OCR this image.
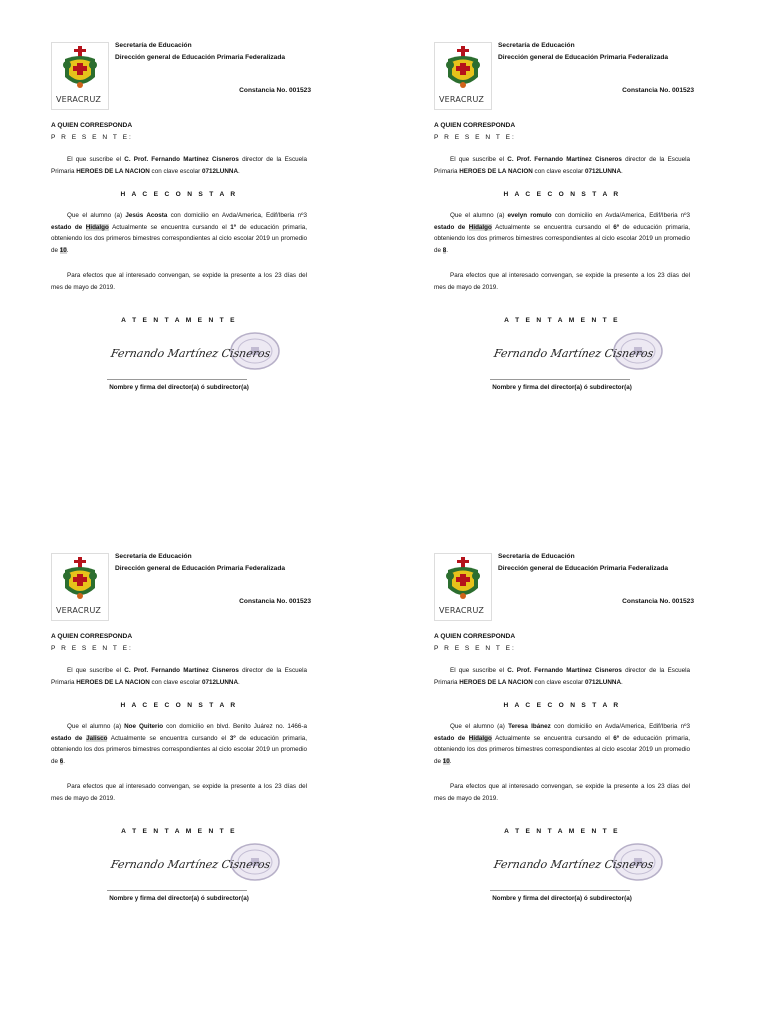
VERACRUZ
Secretaría de Educación
Dirección general de Educación Primaria Federalizada
Constancia No. 001523
A QUIEN CORRESPONDA
P R E S E N T E:
El que suscribe el C. Prof. Fernando Martínez Cisneros director de la Escuela Primaria HEROES DE LA NACION con clave escolar 0712LUNNA.
H A C E C O N S T A R
Que el alumno (a) Jesús Acosta con domicilio en Avda/America, Edif/Iberia nº3 estado de Hidalgo Actualmente se encuentra cursando el 1º de educación primaria, obteniendo los dos primeros bimestres correspondientes al ciclo escolar 2019 un promedio de 10.
Para efectos que al interesado convengan, se expide la presente a los 23 días del mes de mayo de 2019.
A T E N T A M E N T E
Fernando Martínez Cisneros
Nombre y firma del director(a) ó subdirector(a)
VERACRUZ
Secretaría de Educación
Dirección general de Educación Primaria Federalizada
Constancia No. 001523
A QUIEN CORRESPONDA
P R E S E N T E:
El que suscribe el C. Prof. Fernando Martínez Cisneros director de la Escuela Primaria HEROES DE LA NACION con clave escolar 0712LUNNA.
H A C E C O N S T A R
Que el alumno (a) evelyn romulo con domicilio en Avda/America, Edif/Iberia nº3 estado de Hidalgo Actualmente se encuentra cursando el 6º de educación primaria, obteniendo los dos primeros bimestres correspondientes al ciclo escolar 2019 un promedio de 8.
Para efectos que al interesado convengan, se expide la presente a los 23 días del mes de mayo de 2019.
A T E N T A M E N T E
Fernando Martínez Cisneros
Nombre y firma del director(a) ó subdirector(a)
VERACRUZ
Secretaría de Educación
Dirección general de Educación Primaria Federalizada
Constancia No. 001523
A QUIEN CORRESPONDA
P R E S E N T E:
El que suscribe el C. Prof. Fernando Martínez Cisneros director de la Escuela Primaria HEROES DE LA NACION con clave escolar 0712LUNNA.
H A C E C O N S T A R
Que el alumno (a) Noe Quiterio con domicilio en blvd. Benito Juárez no. 1466-a estado de Jalisco Actualmente se encuentra cursando el 3º de educación primaria, obteniendo los dos primeros bimestres correspondientes al ciclo escolar 2019 un promedio de 6.
Para efectos que al interesado convengan, se expide la presente a los 23 días del mes de mayo de 2019.
A T E N T A M E N T E
Fernando Martínez Cisneros
Nombre y firma del director(a) ó subdirector(a)
VERACRUZ
Secretaría de Educación
Dirección general de Educación Primaria Federalizada
Constancia No. 001523
A QUIEN CORRESPONDA
P R E S E N T E:
El que suscribe el C. Prof. Fernando Martínez Cisneros director de la Escuela Primaria HEROES DE LA NACION con clave escolar 0712LUNNA.
H A C E C O N S T A R
Que el alumno (a) Teresa Ibánez con domicilio en Avda/America, Edif/Iberia nº3 estado de Hidalgo Actualmente se encuentra cursando el 6º de educación primaria, obteniendo los dos primeros bimestres correspondientes al ciclo escolar 2019 un promedio de 10.
Para efectos que al interesado convengan, se expide la presente a los 23 días del mes de mayo de 2019.
A T E N T A M E N T E
Fernando Martínez Cisneros
Nombre y firma del director(a) ó subdirector(a)
